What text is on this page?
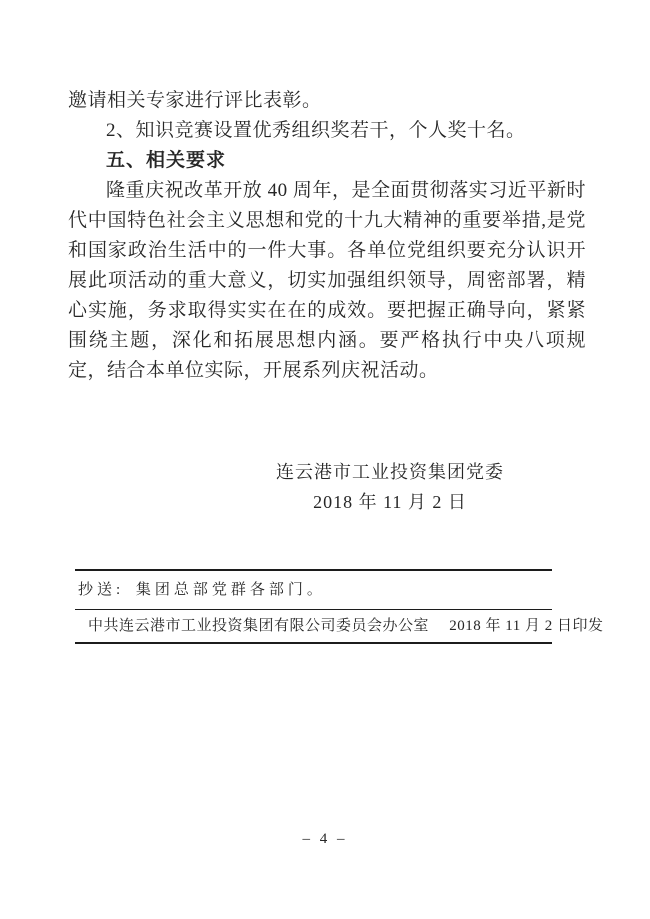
邀请相关专家进行评比表彰。

2、知识竞赛设置优秀组织奖若干，个人奖十名。

五、相关要求

隆重庆祝改革开放 40 周年，是全面贯彻落实习近平新时代中国特色社会主义思想和党的十九大精神的重要举措,是党和国家政治生活中的一件大事。各单位党组织要充分认识开展此项活动的重大意义，切实加强组织领导，周密部署，精心实施，务求取得实实在在的成效。要把握正确导向，紧紧围绕主题，深化和拓展思想内涵。要严格执行中央八项规定，结合本单位实际，开展系列庆祝活动。

连云港市工业投资集团党委
2018 年 11 月 2 日
抄送: 集团总部党群各部门。
中共连云港市工业投资集团有限公司委员会办公室 2018 年 11 月 2 日印发
– 4 –
